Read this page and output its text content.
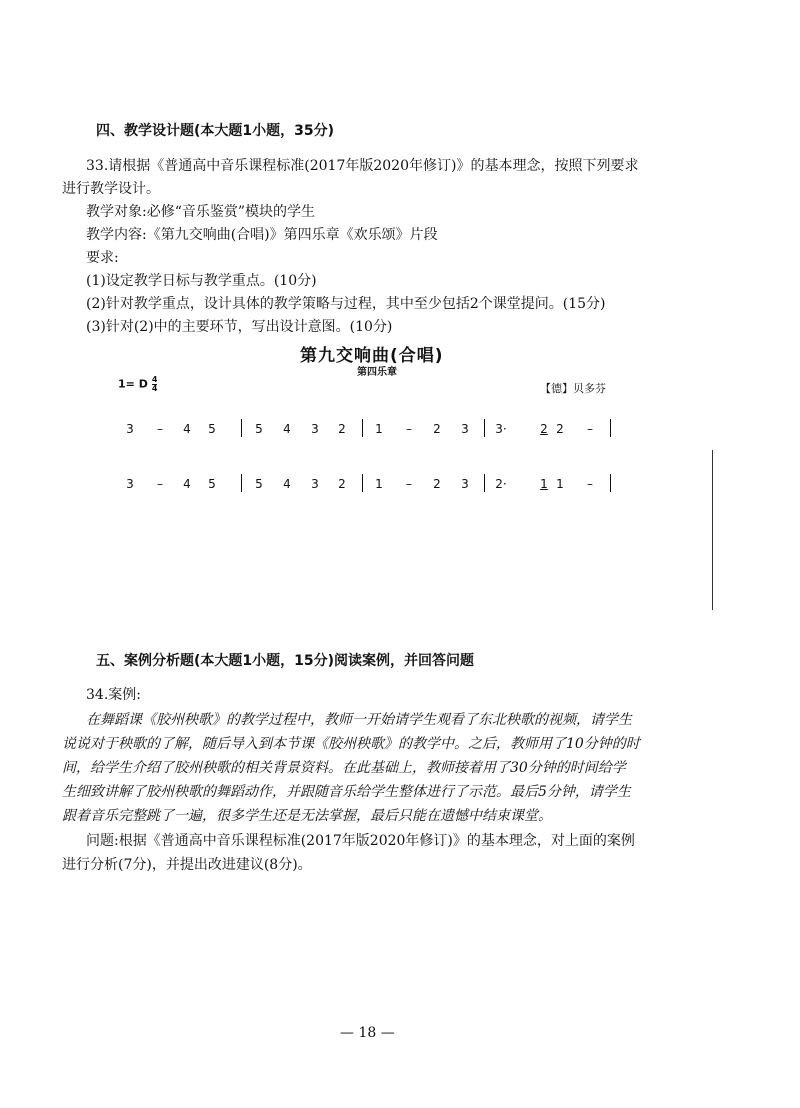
四、教学设计题(本大题1小题，35分)
33.请根据《普通高中音乐课程标准(2017年版2020年修订)》的基本理念，按照下列要求
进行教学设计。
教学对象:必修“音乐鉴赏”模块的学生
教学内容:《第九交响曲(合唱)》第四乐章《欢乐颂》片段
要求:
(1)设定教学日标与教学重点。(10分)
(2)针对教学重点，设计具体的教学策略与过程，其中至少包括2个课堂提问。(15分)
(3)针对(2)中的主要环节，写出设计意图。(10分)
第九交响曲(合唱)
第四乐章
1= D $\frac{4}{4}$	【德】贝多芬
3	–	4 5	5 4 3 2 1	–	2 3 3·	2 2	–
3	–	4 5	5 4 3 2 1	–	2 3 2·	1 1	–
五、案例分析题(本大题1小题，15分)阅读案例，并回答问题
34.案例:
在舞蹈课《胶州秧歌》的教学过程中，教师一开始请学生观看了东北秧歌的视频，请学生
说说对于秧歌的了解，随后导入到本节课《胶州秧歌》的教学中。之后，教师用了10分钟的时
间，给学生介绍了胶州秧歌的相关背景资料。在此基础上，教师接着用了30分钟的时间给学
生细致讲解了胶州秧歌的舞蹈动作，并跟随音乐给学生整体进行了示范。最后5分钟，请学生
跟着音乐完整跳了一遍，很多学生还是无法掌握，最后只能在遗憾中结束课堂。
问题:根据《普通高中音乐课程标准(2017年版2020年修订)》的基本理念，对上面的案例
进行分析(7分)，并提出改进建议(8分)。
— 18 —
